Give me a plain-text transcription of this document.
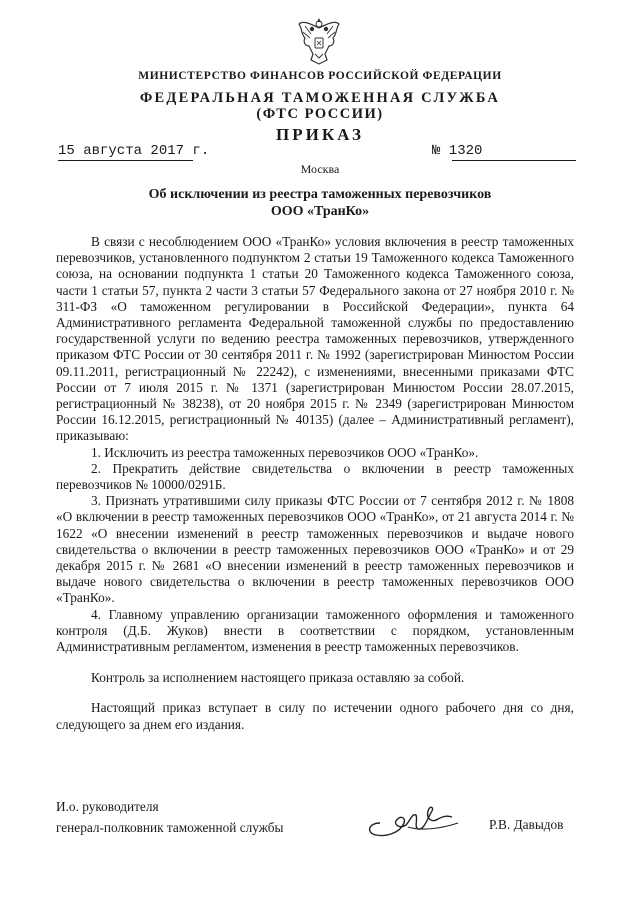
МИНИСТЕРСТВО ФИНАНСОВ РОССИЙСКОЙ ФЕДЕРАЦИИ
ФЕДЕРАЛЬНАЯ ТАМОЖЕННАЯ СЛУЖБА
(ФТС РОССИИ)
ПРИКАЗ
15 августа 2017 г.	№ 1320
Москва
Об исключении из реестра таможенных перевозчиков
ООО «ТранКо»

В связи с несоблюдением ООО «ТранКо» условия включения в реестр таможенных перевозчиков, установленного подпунктом 2 статьи 19 Таможенного кодекса Таможенного союза, на основании подпункта 1 статьи 20 Таможенного кодекса Таможенного союза, части 1 статьи 57, пункта 2 части 3 статьи 57 Федерального закона от 27 ноября 2010 г. № 311-ФЗ «О таможенном регулировании в Российской Федерации», пункта 64 Административного регламента Федеральной таможенной службы по предоставлению государственной услуги по ведению реестра таможенных перевозчиков, утвержденного приказом ФТС России от 30 сентября 2011 г. № 1992 (зарегистрирован Минюстом России 09.11.2011, регистрационный № 22242), с изменениями, внесенными приказами ФТС России от 7 июля 2015 г. № 1371 (зарегистрирован Минюстом России 28.07.2015, регистрационный № 38238), от 20 ноября 2015 г. № 2349 (зарегистрирован Минюстом России 16.12.2015, регистрационный № 40135) (далее – Административный регламент), приказываю:

1. Исключить из реестра таможенных перевозчиков ООО «ТранКо».

2. Прекратить действие свидетельства о включении в реестр таможенных перевозчиков № 10000/0291Б.

3. Признать утратившими силу приказы ФТС России от 7 сентября 2012 г. № 1808 «О включении в реестр таможенных перевозчиков ООО «ТранКо», от 21 августа 2014 г. № 1622 «О внесении изменений в реестр таможенных перевозчиков и выдаче нового свидетельства о включении в реестр таможенных перевозчиков ООО «ТранКо» и от 29 декабря 2015 г. № 2681 «О внесении изменений в реестр таможенных перевозчиков и выдаче нового свидетельства о включении в реестр таможенных перевозчиков ООО «ТранКо».

4. Главному управлению организации таможенного оформления и таможенного контроля (Д.Б. Жуков) внести в соответствии с порядком, установленным Административным регламентом, изменения в реестр таможенных перевозчиков.

Контроль за исполнением настоящего приказа оставляю за собой.

Настоящий приказ вступает в силу по истечении одного рабочего дня со дня, следующего за днем его издания.

И.о. руководителя
генерал-полковник таможенной службы	Р.В. Давыдов
